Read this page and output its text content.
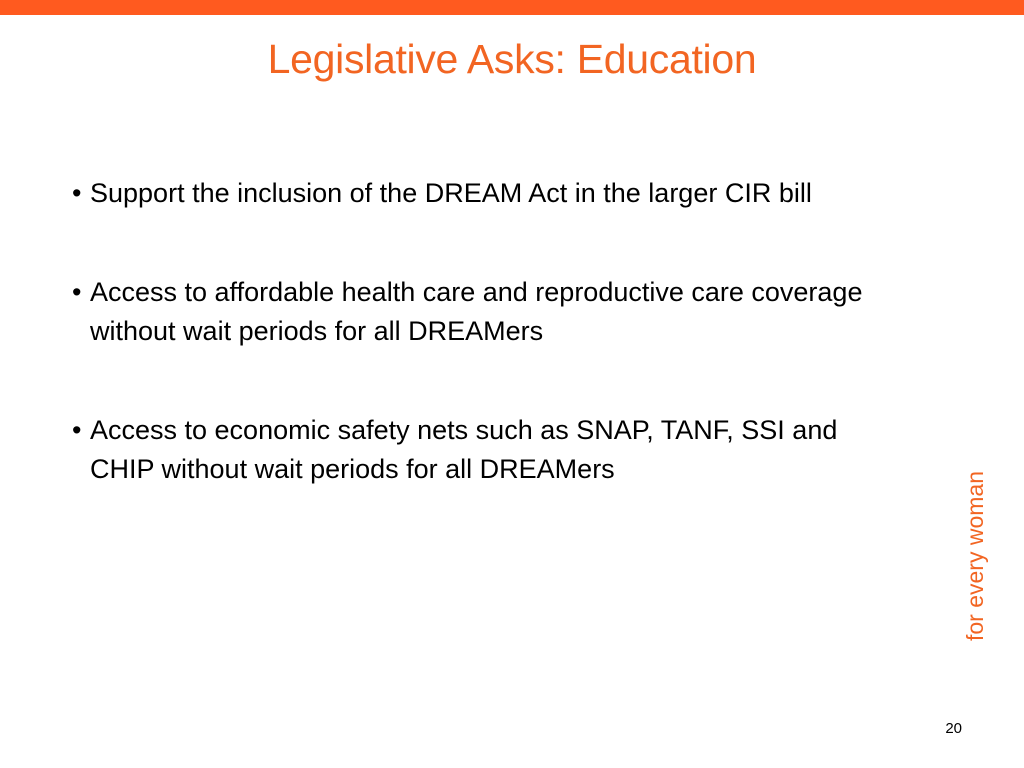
Legislative Asks: Education
• Support the inclusion of the DREAM Act in the larger CIR bill
• Access to affordable health care and reproductive care coverage without wait periods for all DREAMers
• Access to economic safety nets such as SNAP, TANF, SSI and CHIP without wait periods for all DREAMers
for every woman
20
